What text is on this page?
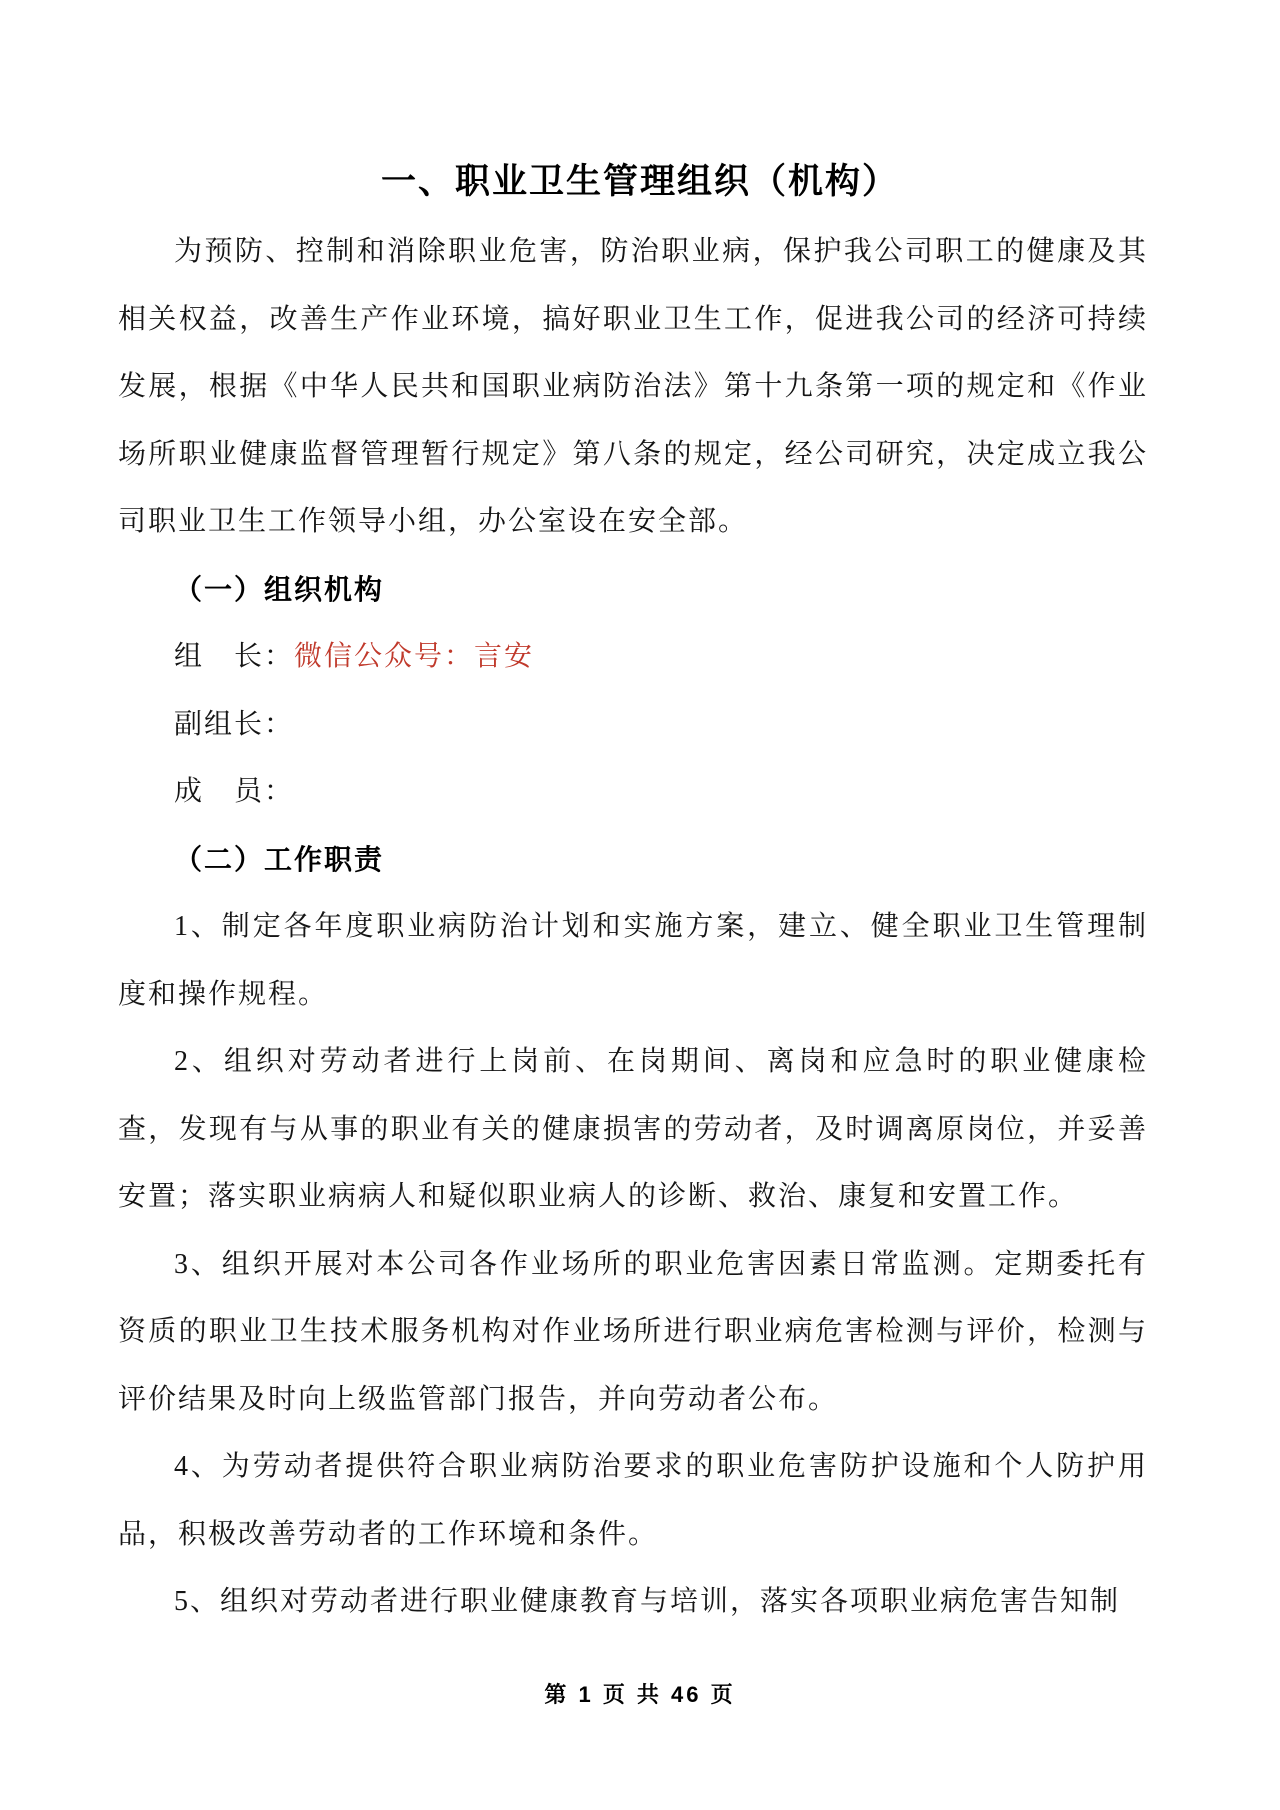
一、职业卫生管理组织（机构）

为预防、控制和消除职业危害，防治职业病，保护我公司职工的健康及其相关权益，改善生产作业环境，搞好职业卫生工作，促进我公司的经济可持续发展，根据《中华人民共和国职业病防治法》第十九条第一项的规定和《作业场所职业健康监督管理暂行规定》第八条的规定，经公司研究，决定成立我公司职业卫生工作领导小组，办公室设在安全部。

（一）组织机构

组　长：微信公众号：言安

副组长：

成　员：

（二）工作职责

1、制定各年度职业病防治计划和实施方案，建立、健全职业卫生管理制度和操作规程。

2、组织对劳动者进行上岗前、在岗期间、离岗和应急时的职业健康检查，发现有与从事的职业有关的健康损害的劳动者，及时调离原岗位，并妥善安置；落实职业病病人和疑似职业病人的诊断、救治、康复和安置工作。

3、组织开展对本公司各作业场所的职业危害因素日常监测。定期委托有资质的职业卫生技术服务机构对作业场所进行职业病危害检测与评价，检测与评价结果及时向上级监管部门报告，并向劳动者公布。

4、为劳动者提供符合职业病防治要求的职业危害防护设施和个人防护用品，积极改善劳动者的工作环境和条件。

5、组织对劳动者进行职业健康教育与培训，落实各项职业病危害告知制

第 1 页 共 46 页
